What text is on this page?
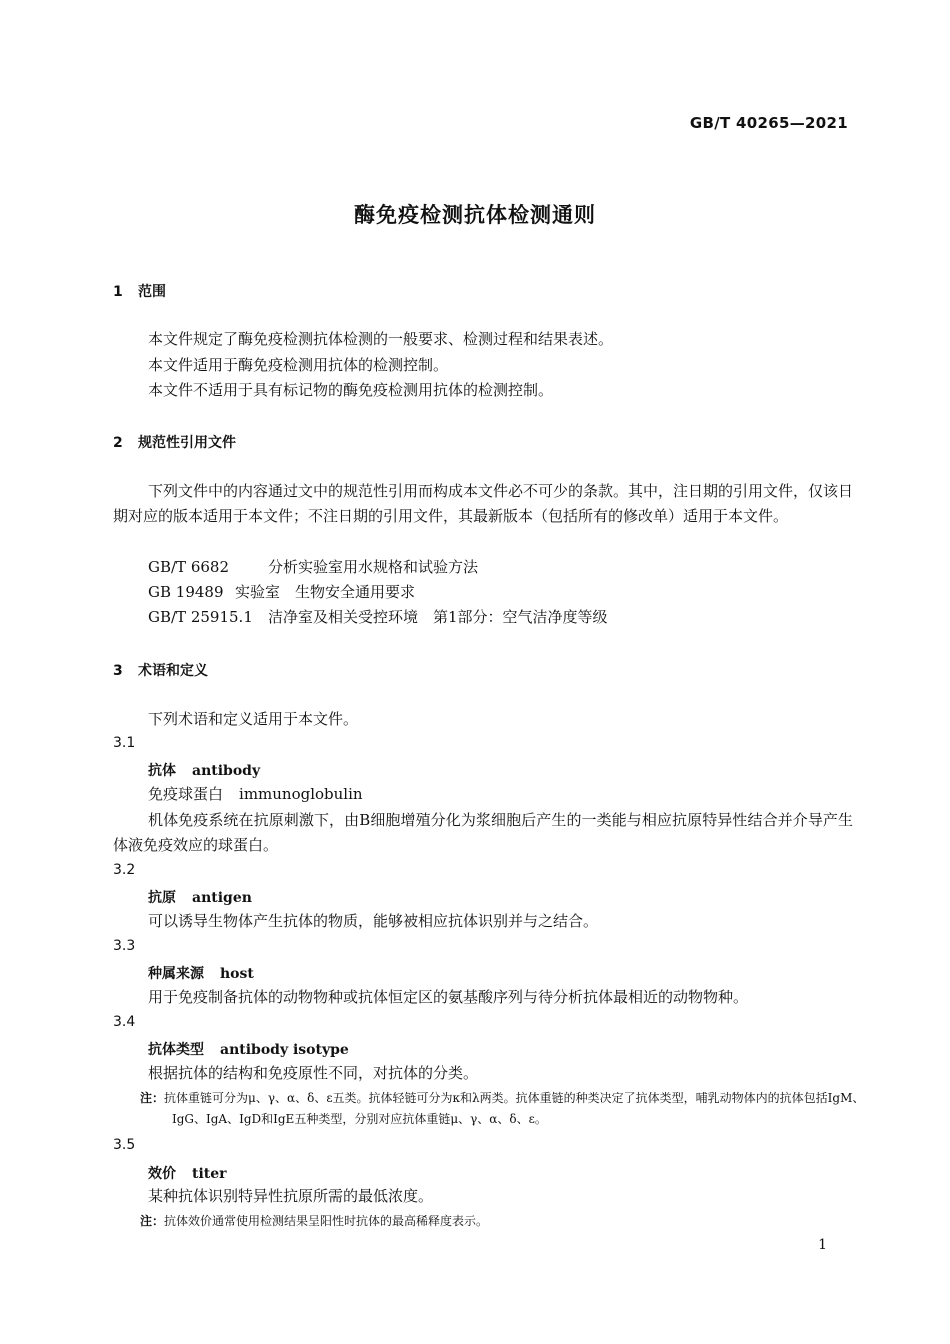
GB/T 40265—2021
酶免疫检测抗体检测通则
1 范围
本文件规定了酶免疫检测抗体检测的一般要求、检测过程和结果表述。
本文件适用于酶免疫检测用抗体的检测控制。
本文件不适用于具有标记物的酶免疫检测用抗体的检测控制。
2 规范性引用文件
下列文件中的内容通过文中的规范性引用而构成本文件必不可少的条款。其中，注日期的引用文件，仅该日期对应的版本适用于本文件；不注日期的引用文件，其最新版本（包括所有的修改单）适用于本文件。
GB/T 6682	分析实验室用水规格和试验方法
GB 19489 实验室　生物安全通用要求
GB/T 25915.1 洁净室及相关受控环境　第1部分：空气洁净度等级
3 术语和定义
下列术语和定义适用于本文件。
3.1
抗体 antibody
免疫球蛋白 immunoglobulin
机体免疫系统在抗原刺激下，由B细胞增殖分化为浆细胞后产生的一类能与相应抗原特异性结合并介导产生体液免疫效应的球蛋白。
3.2
抗原 antigen
可以诱导生物体产生抗体的物质，能够被相应抗体识别并与之结合。
3.3
种属来源 host
用于免疫制备抗体的动物物种或抗体恒定区的氨基酸序列与待分析抗体最相近的动物物种。
3.4
抗体类型 antibody isotype
根据抗体的结构和免疫原性不同，对抗体的分类。
注：抗体重链可分为μ、γ、α、δ、ε五类。抗体轻链可分为κ和λ两类。抗体重链的种类决定了抗体类型，哺乳动物体内的抗体包括IgM、IgG、IgA、IgD和IgE五种类型，分别对应抗体重链μ、γ、α、δ、ε。
3.5
效价 titer
某种抗体识别特异性抗原所需的最低浓度。
注：抗体效价通常使用检测结果呈阳性时抗体的最高稀释度表示。
1
